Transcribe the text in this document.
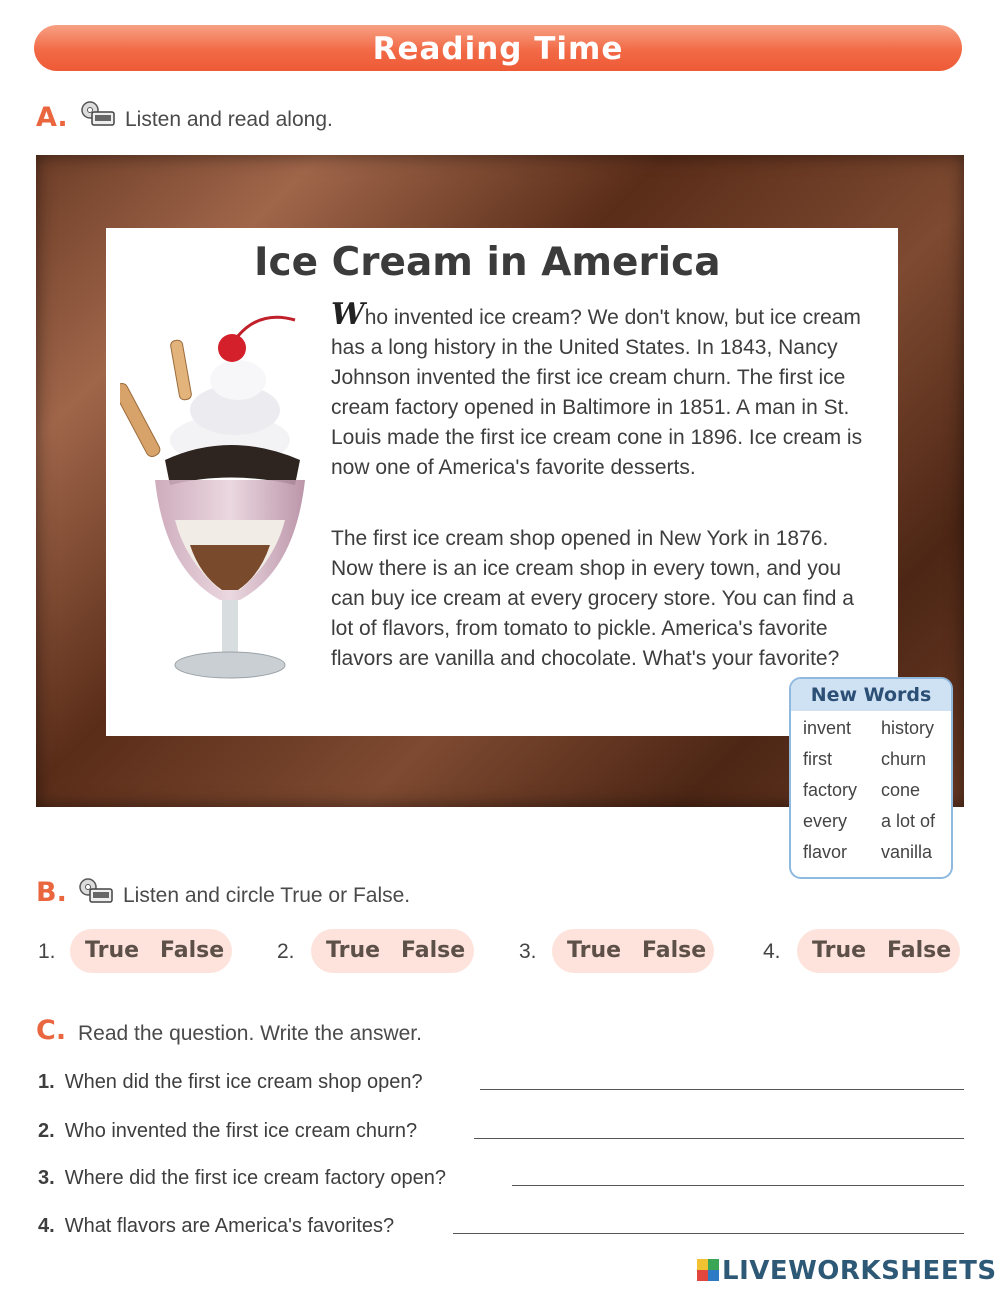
Reading Time
A.	Listen and read along.
Ice Cream in America
Who invented ice cream? We don't know, but ice cream has a long history in the United States. In 1843, Nancy Johnson invented the first ice cream churn. The first ice cream factory opened in Baltimore in 1851. A man in St. Louis made the first ice cream cone in 1896. Ice cream is now one of America's favorite desserts.
The first ice cream shop opened in New York in 1876. Now there is an ice cream shop in every town, and you can buy ice cream at every grocery store. You can find a lot of flavors, from tomato to pickle. America's favorite flavors are vanilla and chocolate. What's your favorite?
New Words
invent	history
first	churn
factory	cone
every	a lot of
flavor	vanilla
B.	Listen and circle True or False.
1. True False	2. True False	3. True False	4. True False
C. Read the question. Write the answer.
1. When did the first ice cream shop open?
2. Who invented the first ice cream churn?
3. Where did the first ice cream factory open?
4. What flavors are America's favorites?
LIVEWORKSHEETS
